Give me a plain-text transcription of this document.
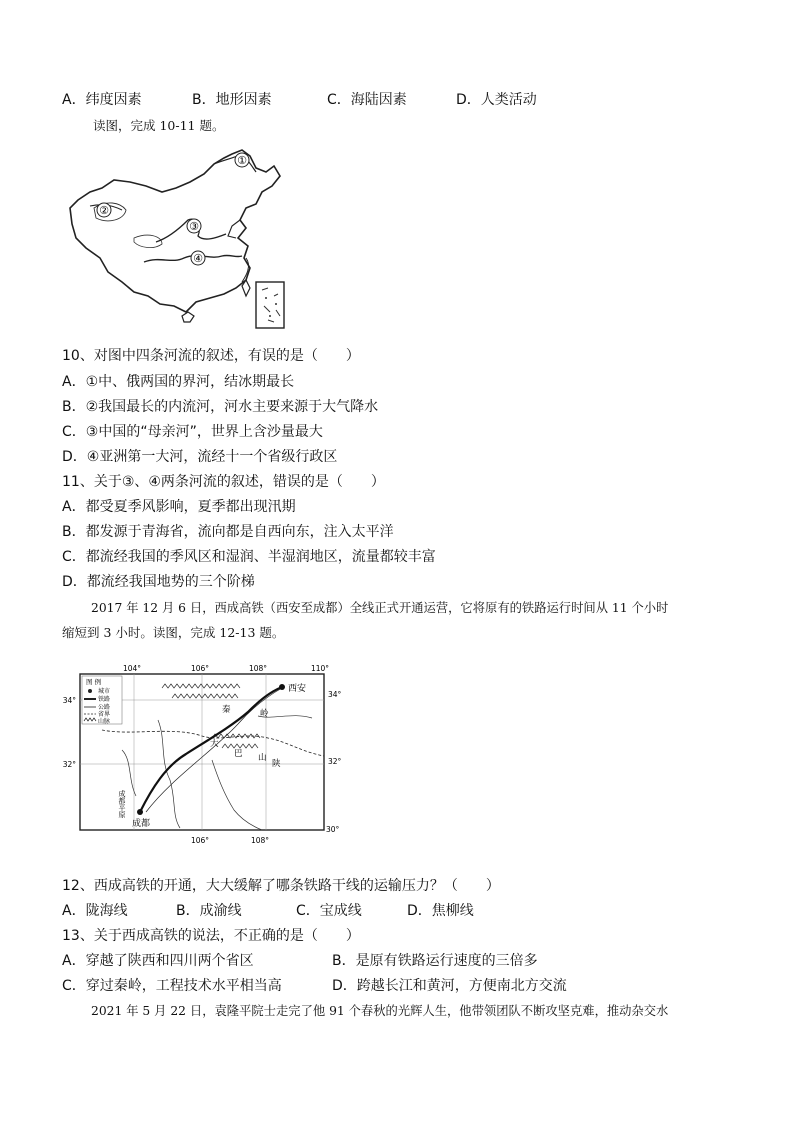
A．纬度因素	B．地形因素	C．海陆因素	D．人类活动
读图，完成 10-11 题。
①
②
③
④
10、对图中四条河流的叙述，有误的是（　　）
A．①中、俄两国的界河，结冰期最长
B．②我国最长的内流河，河水主要来源于大气降水
C．③中国的“母亲河”，世界上含沙量最大
D．④亚洲第一大河，流经十一个省级行政区
11、关于③、④两条河流的叙述，错误的是（　　）
A．都受夏季风影响，夏季都出现汛期
B．都发源于青海省，流向都是自西向东，注入太平洋
C．都流经我国的季风区和湿润、半湿润地区，流量都较丰富
D．都流经我国地势的三个阶梯
2017 年 12 月 6 日，西成高铁（西安至成都）全线正式开通运营，它将原有的铁路运行时间从 11 个小时
缩短到 3 小时。读图，完成 12-13 题。
104°	106°	108°	110°
106°	108°
34°
32°
34°
32°
30°
图 例
城市
铁路
公路
省界
山脉
西安
成都
秦	岭
大
巴 山
陕
成都平原
12、西成高铁的开通，大大缓解了哪条铁路干线的运输压力？（　　）
A．陇海线	B．成渝线	C．宝成线	D．焦柳线
13、关于西成高铁的说法，不正确的是（　　）
A．穿越了陕西和四川两个省区	B．是原有铁路运行速度的三倍多
C．穿过秦岭，工程技术水平相当高	D．跨越长江和黄河，方便南北方交流
2021 年 5 月 22 日，袁隆平院士走完了他 91 个春秋的光辉人生，他带领团队不断攻坚克难，推动杂交水
